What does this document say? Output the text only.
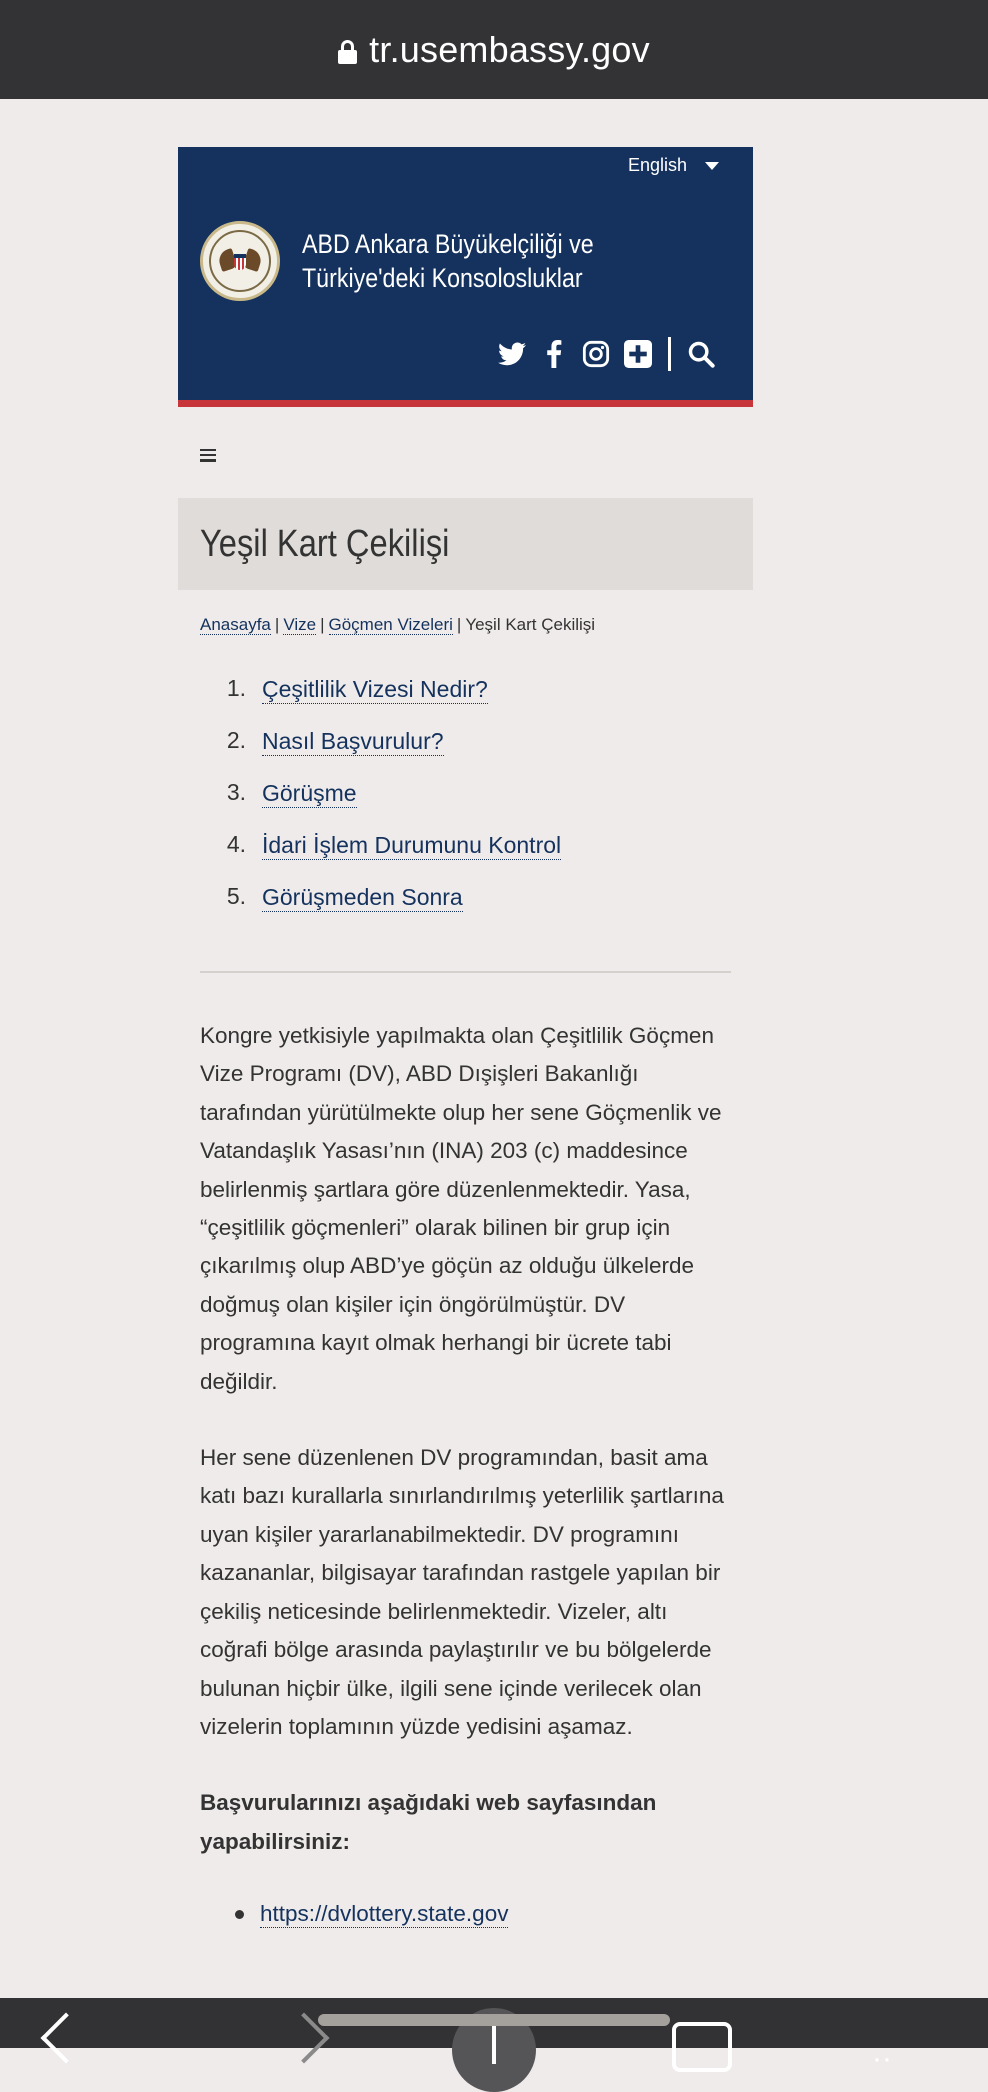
tr.usembassy.gov
English
ABD Ankara Büyükelçiliği ve
Türkiye'deki Konsolosluklar
Yeşil Kart Çekilişi
Anasayfa | Vize | Göçmen Vizeleri | Yeşil Kart Çekilişi
1. Çeşitlilik Vizesi Nedir?
2. Nasıl Başvurulur?
3. Görüşme
4. İdari İşlem Durumunu Kontrol
5. Görüşmeden Sonra

Kongre yetkisiyle yapılmakta olan Çeşitlilik Göçmen Vize Programı (DV), ABD Dışişleri Bakanlığı tarafından yürütülmekte olup her sene Göçmenlik ve Vatandaşlık Yasası’nın (INA) 203 (c) maddesince belirlenmiş şartlara göre düzenlenmektedir. Yasa, “çeşitlilik göçmenleri” olarak bilinen bir grup için çıkarılmış olup ABD’ye göçün az olduğu ülkelerde doğmuş olan kişiler için öngörülmüştür. DV programına kayıt olmak herhangi bir ücrete tabi değildir.

Her sene düzenlenen DV programından, basit ama katı bazı kurallarla sınırlandırılmış yeterlilik şartlarına uyan kişiler yararlanabilmektedir. DV programını kazananlar, bilgisayar tarafından rastgele yapılan bir çekiliş neticesinde belirlenmektedir. Vizeler, altı coğrafi bölge arasında paylaştırılır ve bu bölgelerde bulunan hiçbir ülke, ilgili sene içinde verilecek olan vizelerin toplamının yüzde yedisini aşamaz.

Başvurularınızı aşağıdaki web sayfasından yapabilirsiniz:

https://dvlottery.state.gov
··
